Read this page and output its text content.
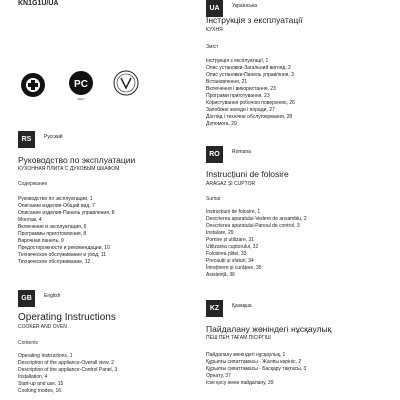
KN1G1U/UA
PC
AE07
RS	Русский
Руководство по эксплуатации
КУХОННАЯ ПЛИТА С ДУХОВЫМ ШКАФОМ
Содержание
Руководство по эксплуатации, 1
Описание изделия-Общий вид, 7
Описание изделия-Панель управления, 8
Монтаж, 4
Включение и эксплуатация, 6
Программы приготовления, 8
Варочная панель, 9
Предосторожности и рекомендации, 10
Техническое обслуживание и уход, 11
Техническое обслуживание, 12
GB	English
Operating Instructions
COOKER AND OVEN
Contents
Operating Instructions, 1
Description of the appliance-Overall view, 2
Description of the appliance-Control Panel, 3
Installation, 4
Start-up and use, 15
Cooking modes, 16
UA	Українська
Інструкція з експлуатації
КУХНЯ
Зміст
Інструкція з експлуатації, 1
Опис установки-Загальний вигляд, 2
Опис установки-Панель управління, 3
Встановлення, 21
Включення і використання, 23
Програми приготування, 23
Користування робочою поверхнею, 26
Запобіжні заходи і поради, 27
Догляд і технічне обслуговування, 28
Допомога, 29
RO	Romana
Instrucțiuni de folosire
ARAGAZ ȘI CUPTOR
Sumar
Instrucțiuni de folosire, 1
Descrierea aparatului-Vedere de ansamblu, 2
Descrierea aparatului-Panoul de control, 3
Instalare, 29
Pornire și utilizare, 31
Utilizarea cuptorului, 32
Folosirea plitei, 33
Precauții și sfaturi, 34
Întreținere și curățare, 35
Asistență, 36
KZ	Қазақша
Пайдалану жөніндегі нұсқаулық
ПЕШ ПЕН ТАҒАМ ПІСІРГІШ
Пайдалану жөніндегі нұсқаулық, 1
Құрылғы сипаттамасы - Жалпы көрініс, 2
Құрылғы сипаттамасы - Басқару тақтасы, 3
Орнату, 37
Іске қосу және пайдалану, 39
